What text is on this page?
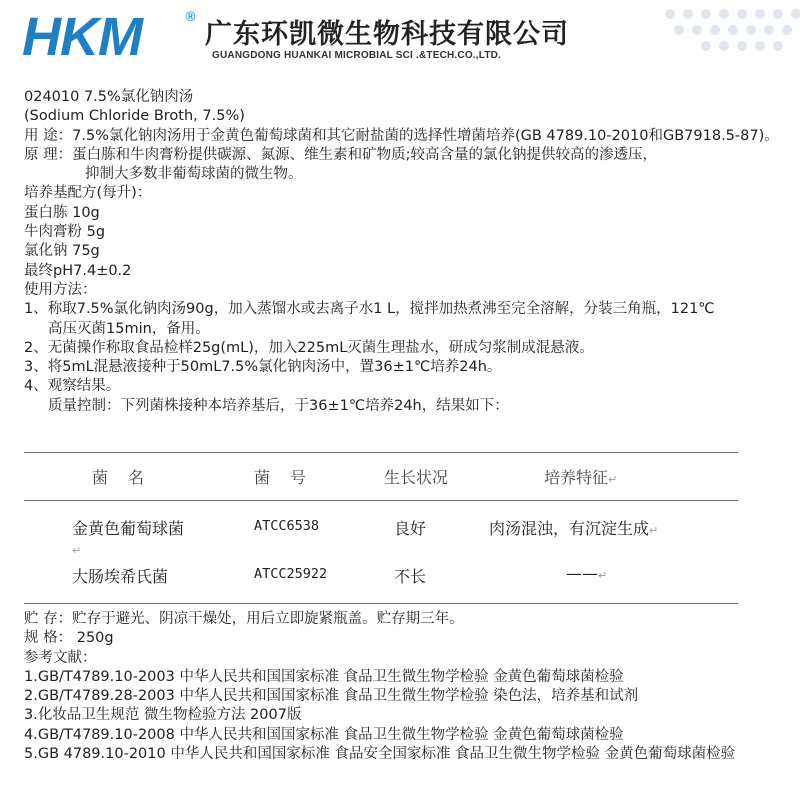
HKM	®
广东环凯微生物科技有限公司
GUANGDONG HUANKAI MICROBIAL SCI .&TECH.CO.,LTD.
024010 7.5%氯化钠肉汤
(Sodium Chloride Broth, 7.5%)
用 途：7.5%氯化钠肉汤用于金黄色葡萄球菌和其它耐盐菌的选择性增菌培养(GB 4789.10-2010和GB7918.5-87)。
原 理：蛋白胨和牛肉膏粉提供碳源、氮源、维生素和矿物质;较高含量的氯化钠提供较高的渗透压，
抑制大多数非葡萄球菌的微生物。
培养基配方(每升)：
蛋白胨 10g
牛肉膏粉 5g
氯化钠 75g
最终pH7.4±0.2
使用方法：
1、称取7.5%氯化钠肉汤90g，加入蒸馏水或去离子水1 L，搅拌加热煮沸至完全溶解，分装三角瓶，121℃
高压灭菌15min，备用。
2、无菌操作称取食品检样25g(mL)，加入225mL灭菌生理盐水，研成匀浆制成混悬液。
3、将5mL混悬液接种于50mL7.5%氯化钠肉汤中，置36±1℃培养24h。
4、观察结果。
质量控制：下列菌株接种本培养基后，于36±1℃培养24h，结果如下：
菌　名	菌　号	生长状况	培养特征↵
金黄色葡萄球菌	ATCC6538	良好	肉汤混浊，有沉淀生成↵
↵
大肠埃希氏菌	ATCC25922	不长	——↵
贮 存：贮存于避光、阴凉干燥处，用后立即旋紧瓶盖。贮存期三年。
规 格： 250g
参考文献：
1.GB/T4789.10-2003 中华人民共和国国家标准 食品卫生微生物学检验 金黄色葡萄球菌检验
2.GB/T4789.28-2003 中华人民共和国国家标准 食品卫生微生物学检验 染色法，培养基和试剂
3.化妆品卫生规范 微生物检验方法 2007版
4.GB/T4789.10-2008 中华人民共和国国家标准 食品卫生微生物学检验 金黄色葡萄球菌检验
5.GB 4789.10-2010 中华人民共和国国家标准 食品安全国家标准 食品卫生微生物学检验 金黄色葡萄球菌检验
